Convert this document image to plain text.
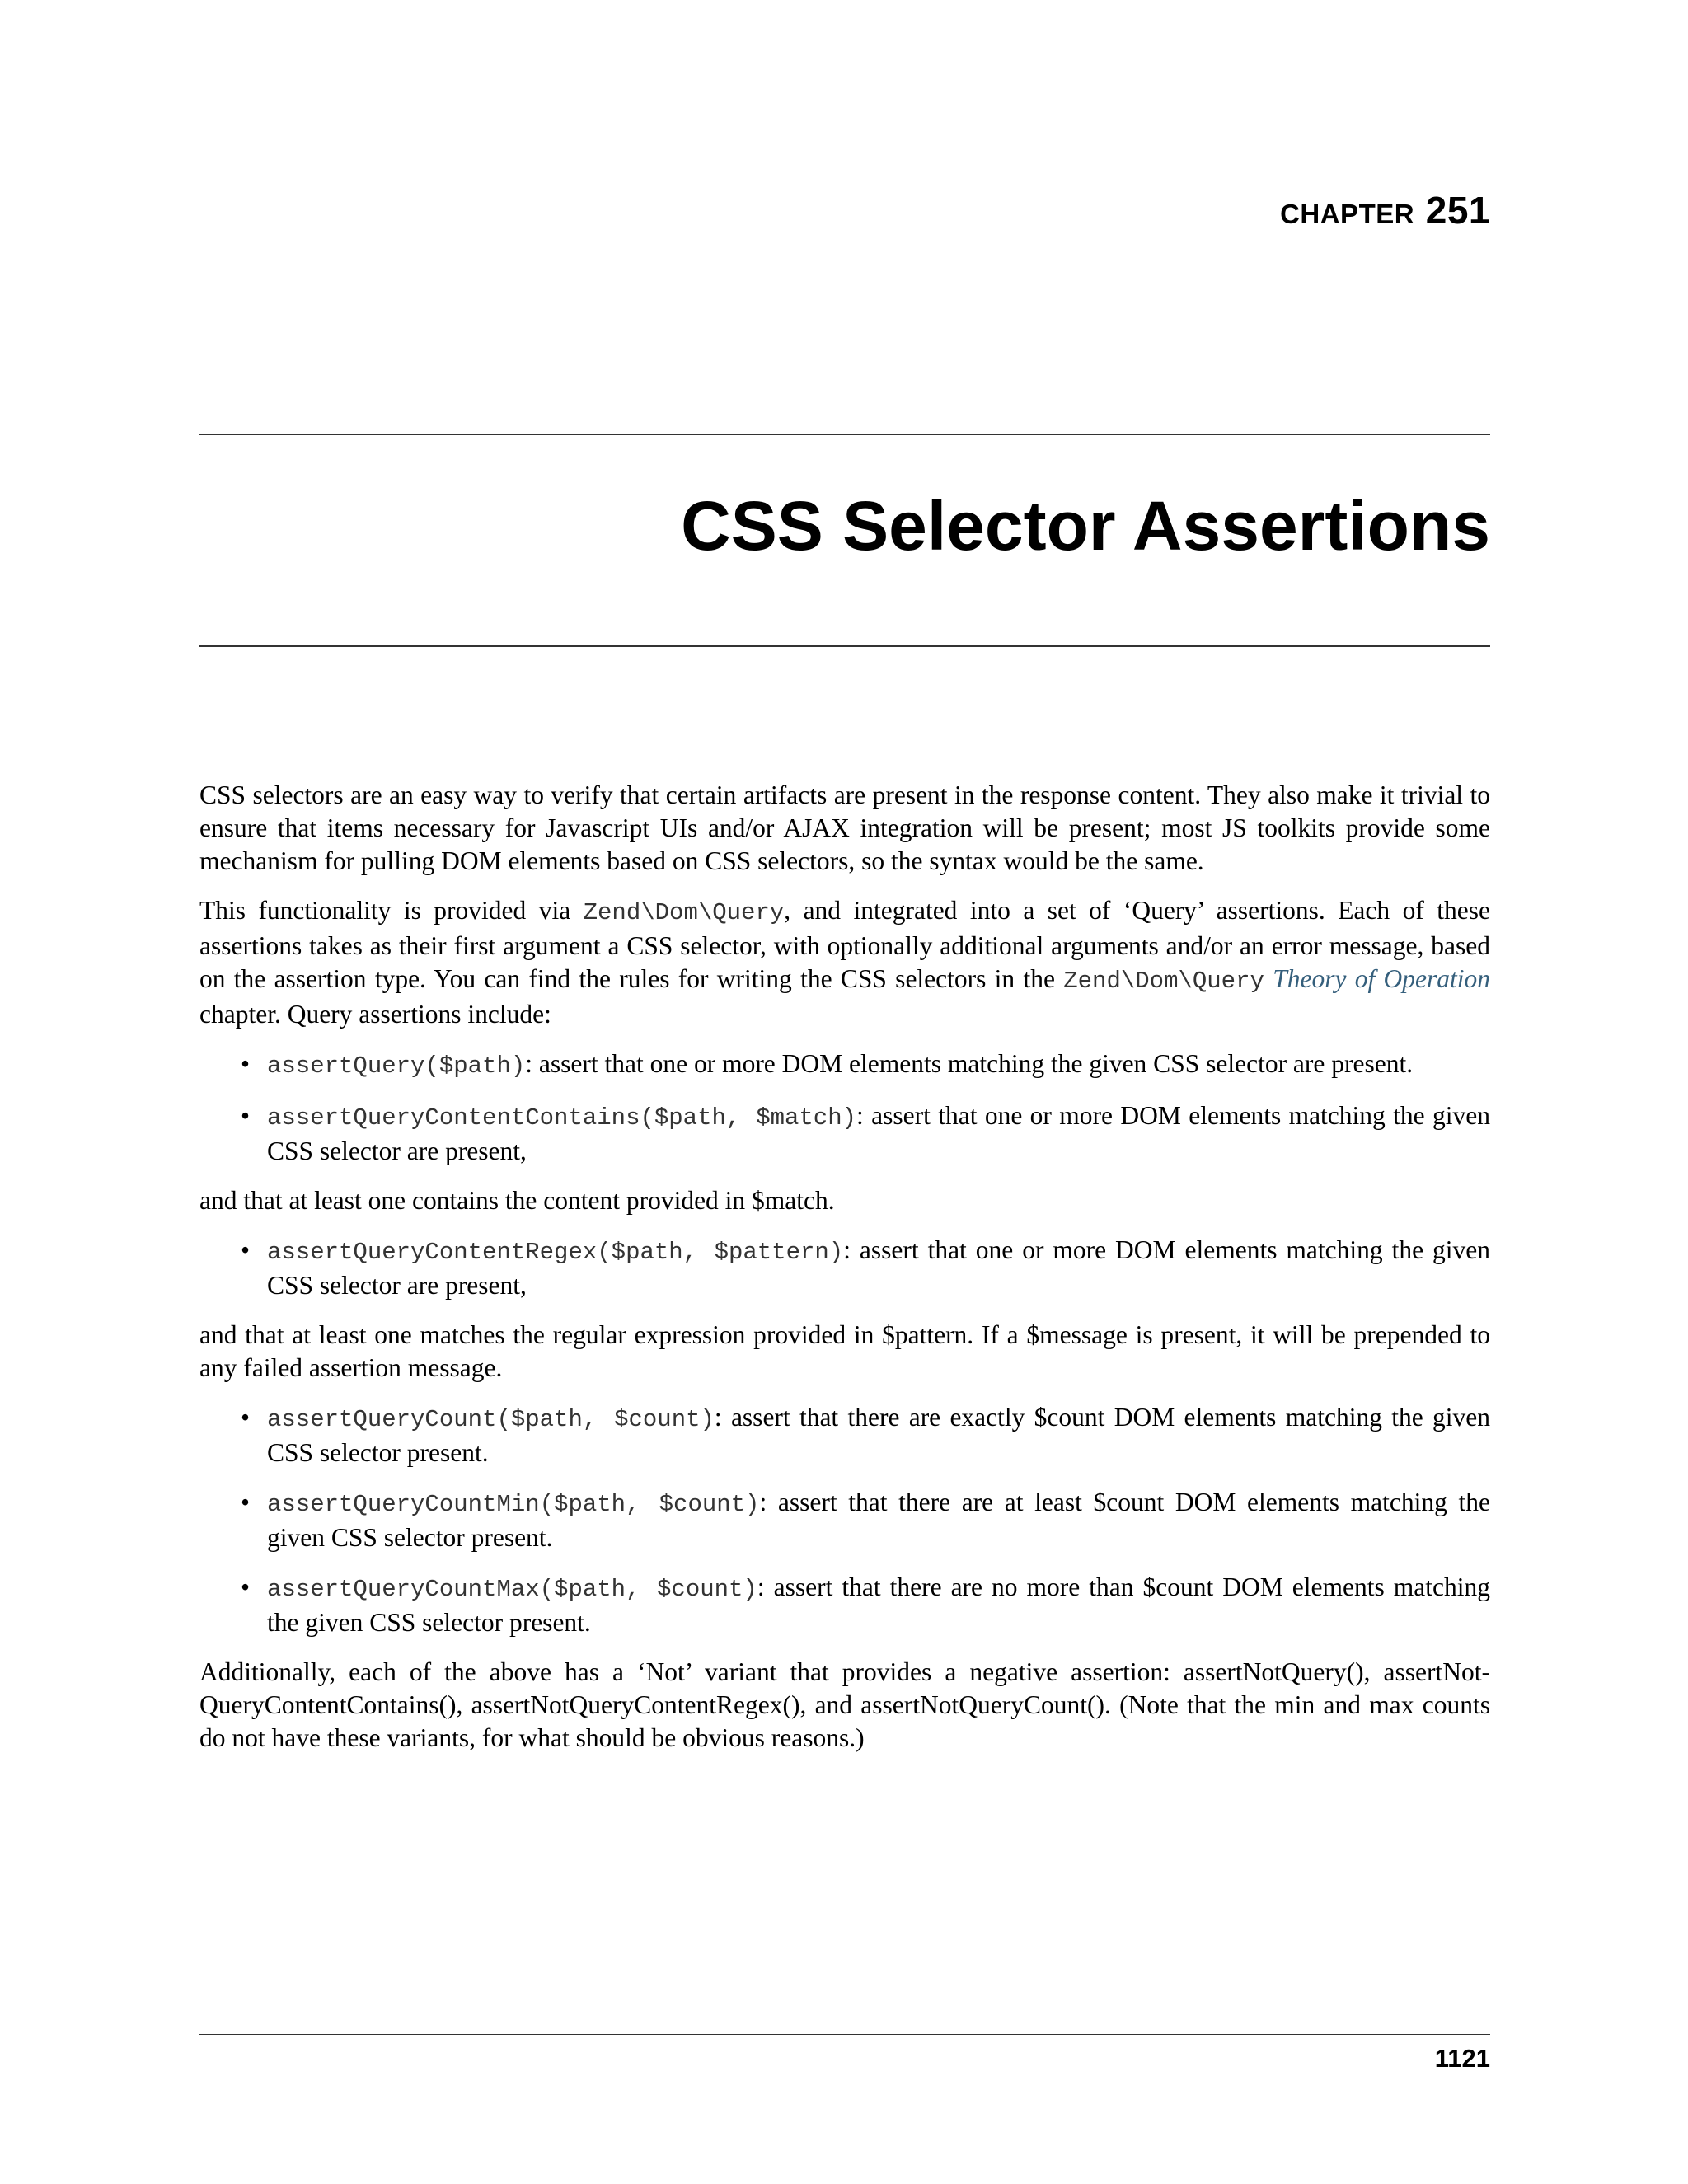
CHAPTER 251
CSS Selector Assertions

CSS selectors are an easy way to verify that certain artifacts are present in the response content. They also make it trivial to ensure that items necessary for Javascript UIs and/or AJAX integration will be present; most JS toolkits provide some mechanism for pulling DOM elements based on CSS selectors, so the syntax would be the same.

This functionality is provided via Zend\Dom\Query, and integrated into a set of ‘Query’ assertions. Each of these assertions takes as their first argument a CSS selector, with optionally additional arguments and/or an error message, based on the assertion type. You can find the rules for writing the CSS selectors in the Zend\Dom\Query Theory of Operation chapter. Query assertions include:

• assertQuery($path): assert that one or more DOM elements matching the given CSS selector are present.
• assertQueryContentContains($path, $match): assert that one or more DOM elements matching the given CSS selector are present,

and that at least one contains the content provided in $match.

• assertQueryContentRegex($path, $pattern): assert that one or more DOM elements matching the given CSS selector are present,

and that at least one matches the regular expression provided in $pattern. If a $message is present, it will be prepended to any failed assertion message.

• assertQueryCount($path, $count): assert that there are exactly $count DOM elements matching the given CSS selector present.
• assertQueryCountMin($path, $count): assert that there are at least $count DOM elements matching the given CSS selector present.
• assertQueryCountMax($path, $count): assert that there are no more than $count DOM elements matching the given CSS selector present.

Additionally, each of the above has a ‘Not’ variant that provides a negative assertion: assertNotQuery(), assertNotQueryContentContains(), assertNotQueryContentRegex(), and assertNotQueryCount(). (Note that the min and max counts do not have these variants, for what should be obvious reasons.)

1121
